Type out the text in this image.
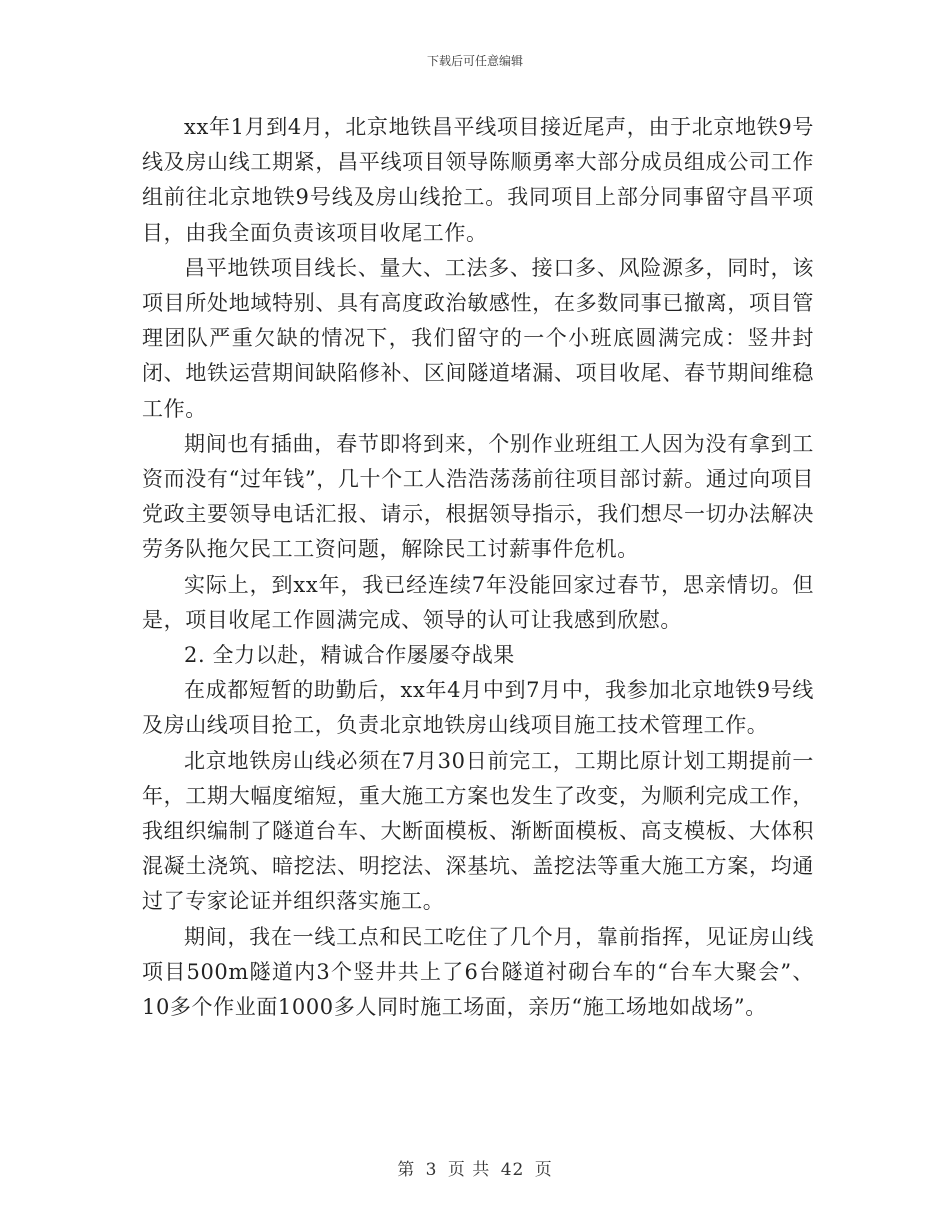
下载后可任意编辑

xx年1月到4月，北京地铁昌平线项目接近尾声，由于北京地铁9号线及房山线工期紧，昌平线项目领导陈顺勇率大部分成员组成公司工作组前往北京地铁9号线及房山线抢工。我同项目上部分同事留守昌平项目，由我全面负责该项目收尾工作。

昌平地铁项目线长、量大、工法多、接口多、风险源多，同时，该项目所处地域特别、具有高度政治敏感性，在多数同事已撤离，项目管理团队严重欠缺的情况下，我们留守的一个小班底圆满完成：竖井封闭、地铁运营期间缺陷修补、区间隧道堵漏、项目收尾、春节期间维稳工作。

期间也有插曲，春节即将到来，个别作业班组工人因为没有拿到工资而没有“过年钱”，几十个工人浩浩荡荡前往项目部讨薪。通过向项目党政主要领导电话汇报、请示，根据领导指示，我们想尽一切办法解决劳务队拖欠民工工资问题，解除民工讨薪事件危机。

实际上，到xx年，我已经连续7年没能回家过春节，思亲情切。但是，项目收尾工作圆满完成、领导的认可让我感到欣慰。

2. 全力以赴，精诚合作屡屡夺战果

在成都短暂的助勤后，xx年4月中到7月中，我参加北京地铁9号线及房山线项目抢工，负责北京地铁房山线项目施工技术管理工作。

北京地铁房山线必须在7月30日前完工，工期比原计划工期提前一年，工期大幅度缩短，重大施工方案也发生了改变，为顺利完成工作，我组织编制了隧道台车、大断面模板、渐断面模板、高支模板、大体积混凝土浇筑、暗挖法、明挖法、深基坑、盖挖法等重大施工方案，均通过了专家论证并组织落实施工。

期间，我在一线工点和民工吃住了几个月，靠前指挥，见证房山线项目500m隧道内3个竖井共上了6台隧道衬砌台车的“台车大聚会”、 10多个作业面1000多人同时施工场面，亲历“施工场地如战场”。

第 3 页 共 42 页
